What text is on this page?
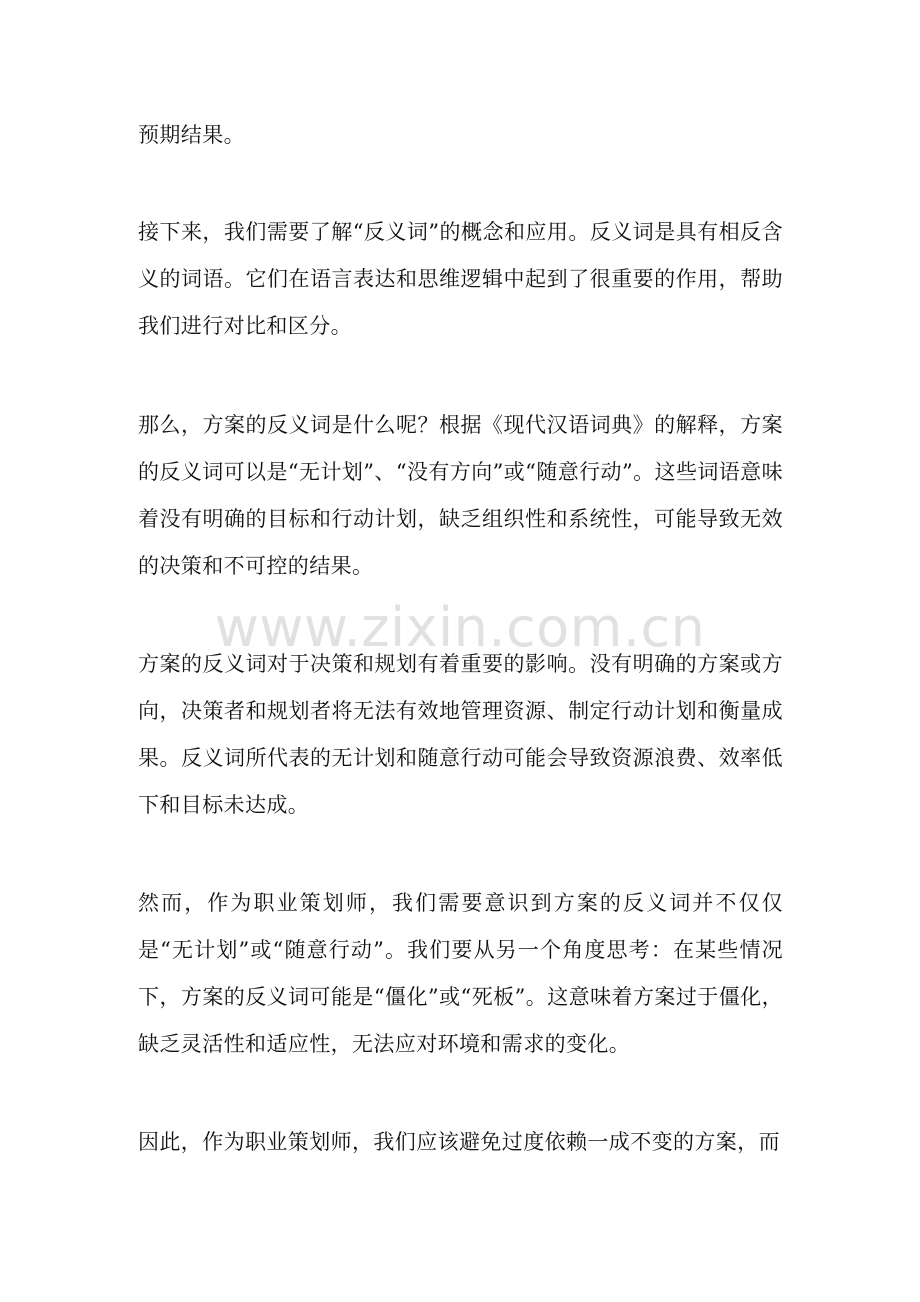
预期结果。

接下来，我们需要了解“反义词”的概念和应用。反义词是具有相反含义的词语。它们在语言表达和思维逻辑中起到了很重要的作用，帮助我们进行对比和区分。

那么，方案的反义词是什么呢？根据《现代汉语词典》的解释，方案的反义词可以是“无计划”、“没有方向”或“随意行动”。这些词语意味着没有明确的目标和行动计划，缺乏组织性和系统性，可能导致无效的决策和不可控的结果。

方案的反义词对于决策和规划有着重要的影响。没有明确的方案或方向，决策者和规划者将无法有效地管理资源、制定行动计划和衡量成果。反义词所代表的无计划和随意行动可能会导致资源浪费、效率低下和目标未达成。

然而，作为职业策划师，我们需要意识到方案的反义词并不仅仅是“无计划”或“随意行动”。我们要从另一个角度思考：在某些情况下，方案的反义词可能是“僵化”或“死板”。这意味着方案过于僵化，缺乏灵活性和适应性，无法应对环境和需求的变化。

因此，作为职业策划师，我们应该避免过度依赖一成不变的方案，而

www.zixin.com.cn
